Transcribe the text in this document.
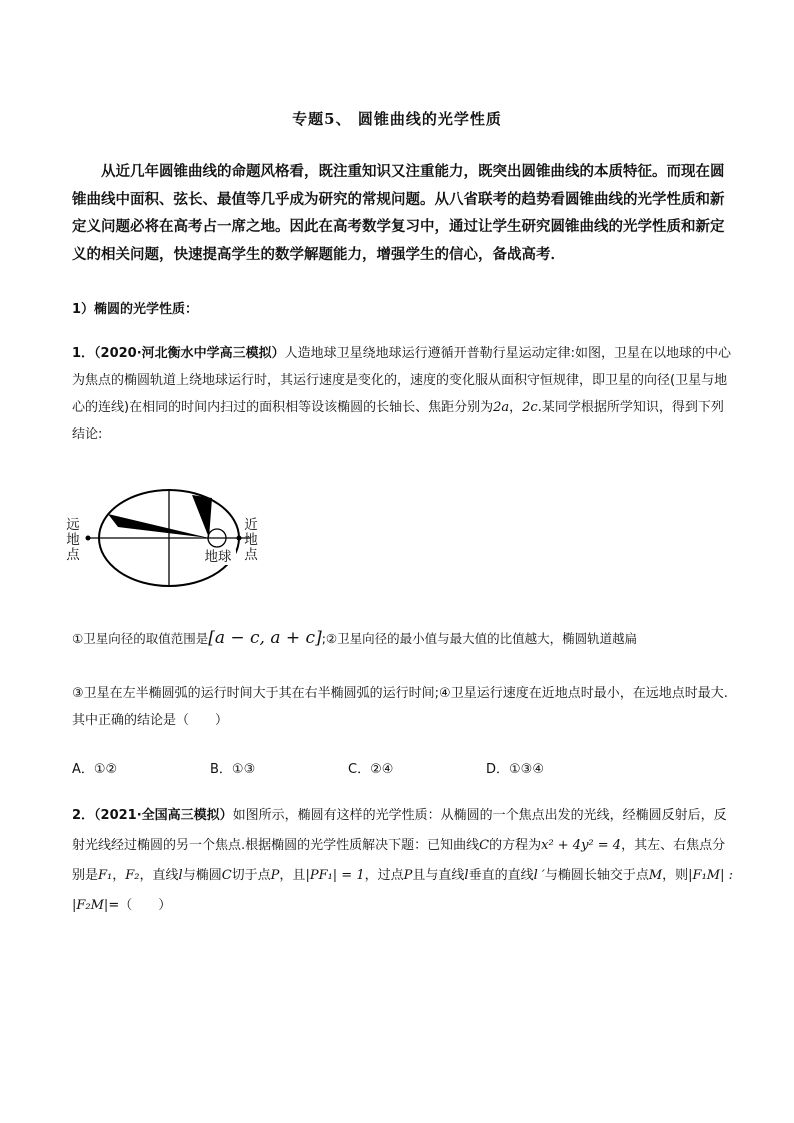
专题5、 圆锥曲线的光学性质

从近几年圆锥曲线的命题风格看，既注重知识又注重能力，既突出圆锥曲线的本质特征。而现在圆锥曲线中面积、弦长、最值等几乎成为研究的常规问题。从八省联考的趋势看圆锥曲线的光学性质和新定义问题必将在高考占一席之地。因此在高考数学复习中，通过让学生研究圆锥曲线的光学性质和新定义的相关问题，快速提高学生的数学解题能力，增强学生的信心，备战高考．

1）椭圆的光学性质：
1．（2020·河北衡水中学高三模拟）人造地球卫星绕地球运行遵循开普勒行星运动定律:如图，卫星在以地球的中心为焦点的椭圆轨道上绕地球运行时，其运行速度是变化的，速度的变化服从面积守恒规律，即卫星的向径(卫星与地心的连线)在相同的时间内扫过的面积相等设该椭圆的长轴长、焦距分别为2a，2c.某同学根据所学知识，得到下列结论:
远
地
点
近
地
点
地球
①卫星向径的取值范围是[a − c, a + c];②卫星向径的最小值与最大值的比值越大，椭圆轨道越扁
③卫星在左半椭圆弧的运行时间大于其在右半椭圆弧的运行时间;④卫星运行速度在近地点时最小，在远地点时最大.其中正确的结论是（　　）
A．①②	B．①③	C．②④	D．①③④
2．（2021·全国高三模拟）如图所示，椭圆有这样的光学性质：从椭圆的一个焦点出发的光线，经椭圆反射后，反射光线经过椭圆的另一个焦点.根据椭圆的光学性质解决下题：已知曲线C的方程为x² + 4y² = 4，其左、右焦点分别是F₁，F₂，直线l与椭圆C切于点P，且|PF₁| = 1，过点P且与直线l垂直的直线l ′与椭圆长轴交于点M，则|F₁M| : |F₂M|=（　　）
